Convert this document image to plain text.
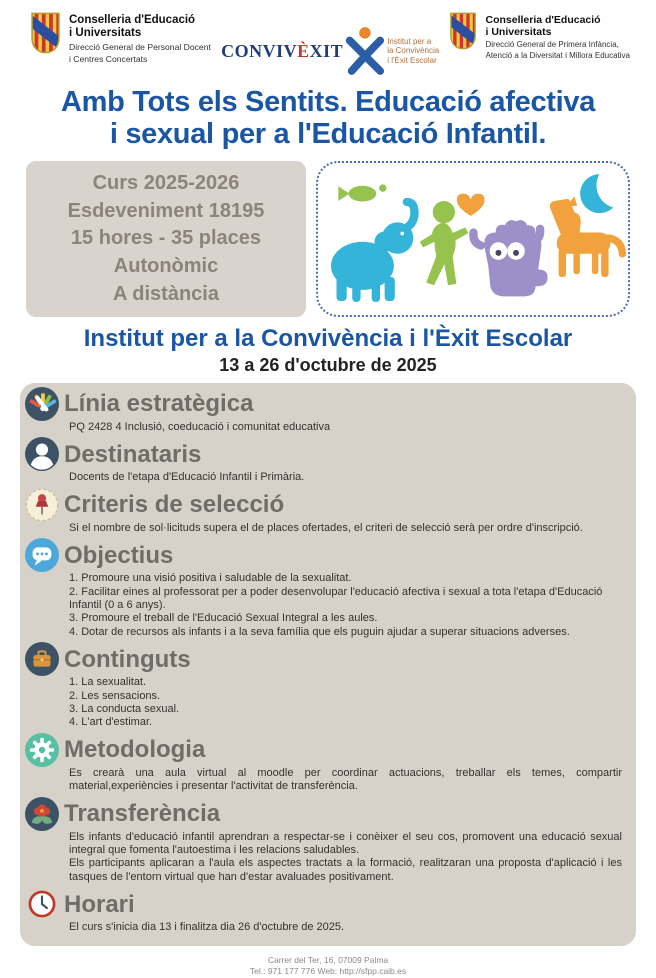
Conselleria d'Educació
i Universitats
Direcció General de Personal Docent
i Centres Concertats	CONVIVÈXIT	Institut per a
la Convivència
i l'Èxit Escolar
Conselleria d'Educació
i Universitats
Direcció General de Primera Infància,
Atenció a la Diversitat i Millora Educativa
Amb Tots els Sentits. Educació afectiva
i sexual per a l'Educació Infantil.
Curs 2025-2026
Esdeveniment 18195
15 hores - 35 places
Autonòmic
A distància
Institut per a la Convivència i l'Èxit Escolar
13 a 26 d'octubre de 2025
Línia estratègica

PQ 2428 4 Inclusió, coeducació i comunitat educativa

Destinataris

Docents de l'etapa d'Educació Infantil i Primària.

Criteris de selecció

Si el nombre de sol·licituds supera el de places ofertades, el criteri de selecció serà per ordre d'inscripció.

Objectius

1. Promoure una visió positiva i saludable de la sexualitat.

2. Facilitar eines al professorat per a poder desenvolupar l'educació afectiva i sexual a tota l'etapa d'Educació Infantil (0 a 6 anys).

3. Promoure el treball de l'Educació Sexual Integral a les aules.

4. Dotar de recursos als infants i a la seva família que els puguin ajudar a superar situacions adverses.

Continguts

1. La sexualitat.

2. Les sensacions.

3. La conducta sexual.

4. L'art d'estimar.

Metodologia

Es crearà una aula virtual al moodle per coordinar actuacions, treballar els temes, compartir material,experiències i presentar l'activitat de transferència.

Transferència

Els infants d'educació infantil aprendran a respectar-se i conèixer el seu cos, promovent una educació sexual integral que fomenta l'autoestima i les relacions saludables.

Els participants aplicaran a l'aula els aspectes tractats a la formació, realitzaran una proposta d'aplicació i les tasques de l'entorn virtual que han d'estar avaluades positivament.

Horari

El curs s'inicia dia 13 i finalitza dia 26 d'octubre de 2025.

Carrer del Ter, 16, 07009 Palma
Tel.: 971 177 776 Web: http://sfpp.caib.es
